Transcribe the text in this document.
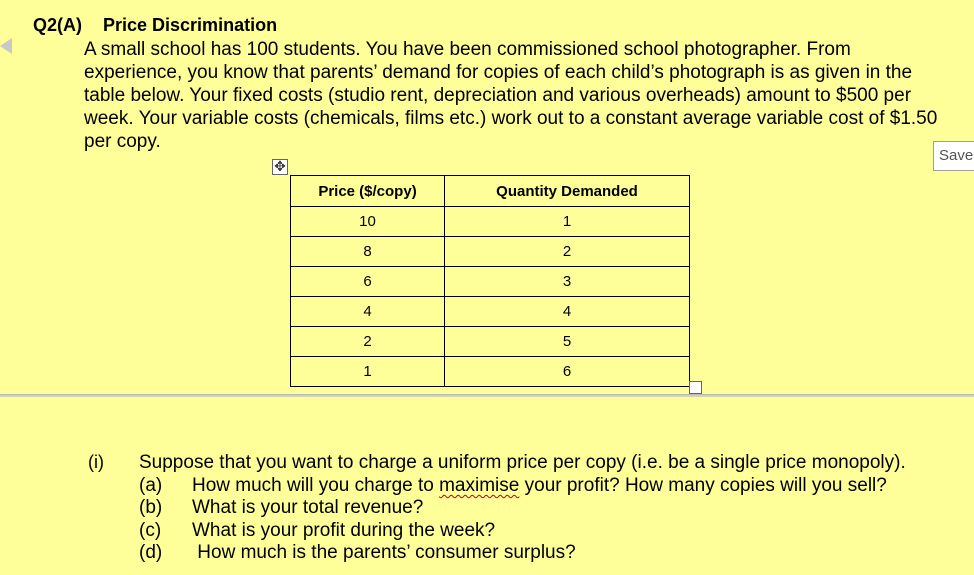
Q2(A) Price Discrimination

A small school has 100 students. You have been commissioned school photographer. From experience, you know that parents’ demand for copies of each child’s photograph is as given in the table below. Your fixed costs (studio rent, depreciation and various overheads) amount to $500 per week. Your variable costs (chemicals, films etc.) work out to a constant average variable cost of $1.50 per copy.

✥
Save
Price ($/copy)	Quantity Demanded
10	1
8	2
6	3
4	4
2	5
1	6
(i) Suppose that you want to charge a uniform price per copy (i.e. be a single price monopoly).
(a) How much will you charge to maximise your profit? How many copies will you sell?
(b) What is your total revenue?
(c) What is your profit during the week?
(d) How much is the parents’ consumer surplus?
